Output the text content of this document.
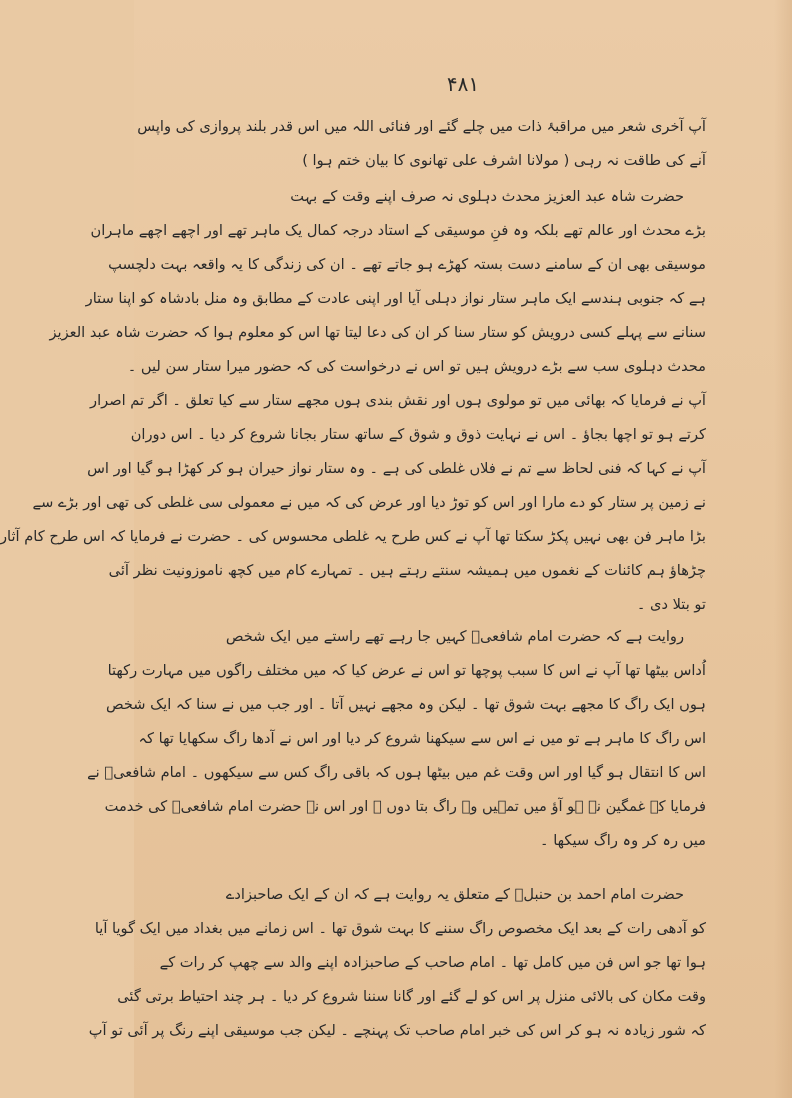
۴۸۱
آپ آخری شعر میں مراقبۂ ذات میں چلے گئے اور فنائی اللہ میں اس قدر بلند پروازی کی واپس
آنے کی طاقت نہ رہی ( مولانا اشرف علی تھانوی کا بیان ختم ہوا )
حضرت شاہ عبد العزیز محدث دہلوی نہ صرف اپنے وقت کے بہت
بڑے محدث اور عالم تھے بلکہ وہ فنِ موسیقی کے استاد درجہ کمال یک ماہر تھے اور اچھے اچھے ماہران
موسیقی بھی ان کے سامنے دست بستہ کھڑے ہو جاتے تھے ۔ ان کی زندگی کا یہ واقعہ بہت دلچسپ
ہے کہ جنوبی ہندسے ایک ماہر ستار نواز دہلی آیا اور اپنی عادت کے مطابق وہ منل بادشاہ کو اپنا ستار
سنانے سے پہلے کسی درویش کو ستار سنا کر ان کی دعا لیتا تھا اس کو معلوم ہوا کہ حضرت شاہ عبد العزیز
محدث دہلوی سب سے بڑے درویش ہیں تو اس نے درخواست کی کہ حضور میرا ستار سن لیں ۔
آپ نے فرمایا کہ بھائی میں تو مولوی ہوں اور نقش بندی ہوں مجھے ستار سے کیا تعلق ۔ اگر تم اصرار
کرتے ہو تو اچھا بجاؤ ۔ اس نے نہایت ذوق و شوق کے ساتھ ستار بجانا شروع کر دیا ۔ اس دوران
آپ نے کہا کہ فنی لحاظ سے تم نے فلاں غلطی کی ہے ۔ وہ ستار نواز حیران ہو کر کھڑا ہو گیا اور اس
نے زمین پر ستار کو دے مارا اور اس کو توڑ دیا اور عرض کی کہ میں نے معمولی سی غلطی کی تھی اور بڑے سے
بڑا ماہر فن بھی نہیں پکڑ سکتا تھا آپ نے کس طرح یہ غلطی محسوس کی ۔ حضرت نے فرمایا کہ اس طرح کام آثار
چڑھاؤ ہم کائنات کے نغموں میں ہمیشہ سنتے رہتے ہیں ۔ تمہارے کام میں کچھ ناموزونیت نظر آئی
تو بتلا دی ۔
روایت ہے کہ حضرت امام شافعیؒ کہیں جا رہے تھے راستے میں ایک شخص
اُداس بیٹھا تھا آپ نے اس کا سبب پوچھا تو اس نے عرض کیا کہ میں مختلف راگوں میں مہارت رکھتا
ہوں ایک راگ کا مجھے بہت شوق تھا ۔ لیکن وہ مجھے نہیں آتا ۔ اور جب میں نے سنا کہ ایک شخص
اس راگ کا ماہر ہے تو میں نے اس سے سیکھنا شروع کر دیا اور اس نے آدھا راگ سکھایا تھا کہ
اس کا انتقال ہو گیا اور اس وقت غم میں بیٹھا ہوں کہ باقی راگ کس سے سیکھوں ۔ امام شافعیؒ نے
فرمایا کہ غمگین نہ ہو آؤ میں تمہیں وہ راگ بتا دوں ۔ اور اس نے حضرت امام شافعیؒ کی خدمت
میں رہ کر وہ راگ سیکھا ۔
حضرت امام احمد بن حنبلؒ کے متعلق یہ روایت ہے کہ ان کے ایک صاحبزادے
کو آدھی رات کے بعد ایک مخصوص راگ سننے کا بہت شوق تھا ۔ اس زمانے میں بغداد میں ایک گویا آیا
ہوا تھا جو اس فن میں کامل تھا ۔ امام صاحب کے صاحبزادہ اپنے والد سے چھپ کر رات کے
وقت مکان کی بالائی منزل پر اس کو لے گئے اور گانا سننا شروع کر دیا ۔ ہر چند احتیاط برتی گئی
کہ شور زیادہ نہ ہو کر اس کی خبر امام صاحب تک پہنچے ۔ لیکن جب موسیقی اپنے رنگ پر آئی تو آپ
